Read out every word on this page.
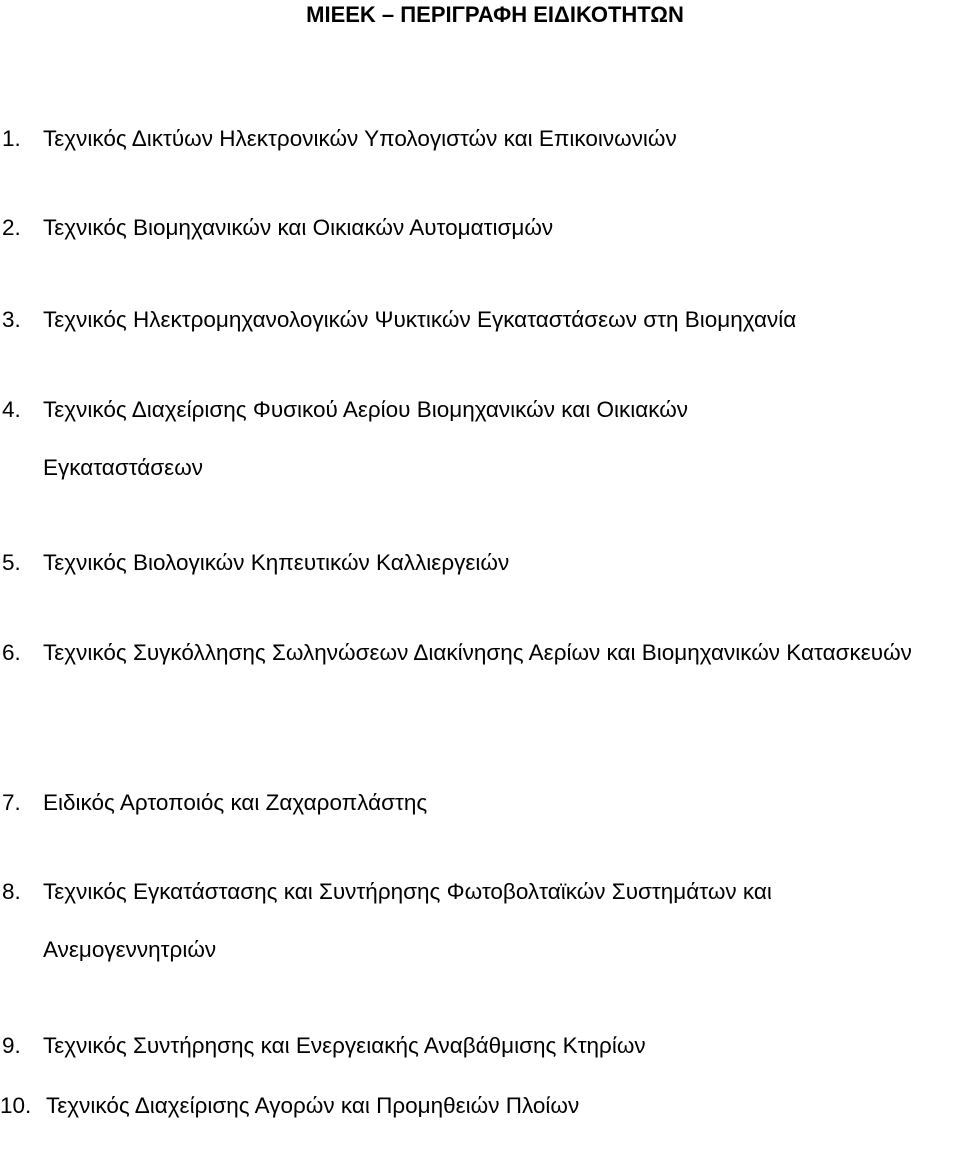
ΜΙΕΕΚ – ΠΕΡΙΓΡΑΦΗ ΕΙΔΙΚΟΤΗΤΩΝ
1. Τεχνικός Δικτύων Ηλεκτρονικών Υπολογιστών και Επικοινωνιών
2. Τεχνικός Βιομηχανικών και Οικιακών Αυτοματισμών
3. Τεχνικός Ηλεκτρομηχανολογικών Ψυκτικών Εγκαταστάσεων στη Βιομηχανία
4. Τεχνικός Διαχείρισης Φυσικού Αερίου Βιομηχανικών και Οικιακών Εγκαταστάσεων
5. Τεχνικός Βιολογικών Κηπευτικών Καλλιεργειών
6. Τεχνικός Συγκόλλησης Σωληνώσεων Διακίνησης Αερίων και Βιομηχανικών Κατασκευών
7. Ειδικός Αρτοποιός και Ζαχαροπλάστης
8. Τεχνικός Εγκατάστασης και Συντήρησης Φωτοβολταϊκών Συστημάτων και Ανεμογεννητριών
9. Τεχνικός Συντήρησης και Ενεργειακής Αναβάθμισης Κτηρίων
10. Τεχνικός Διαχείρισης Αγορών και Προμηθειών Πλοίων
